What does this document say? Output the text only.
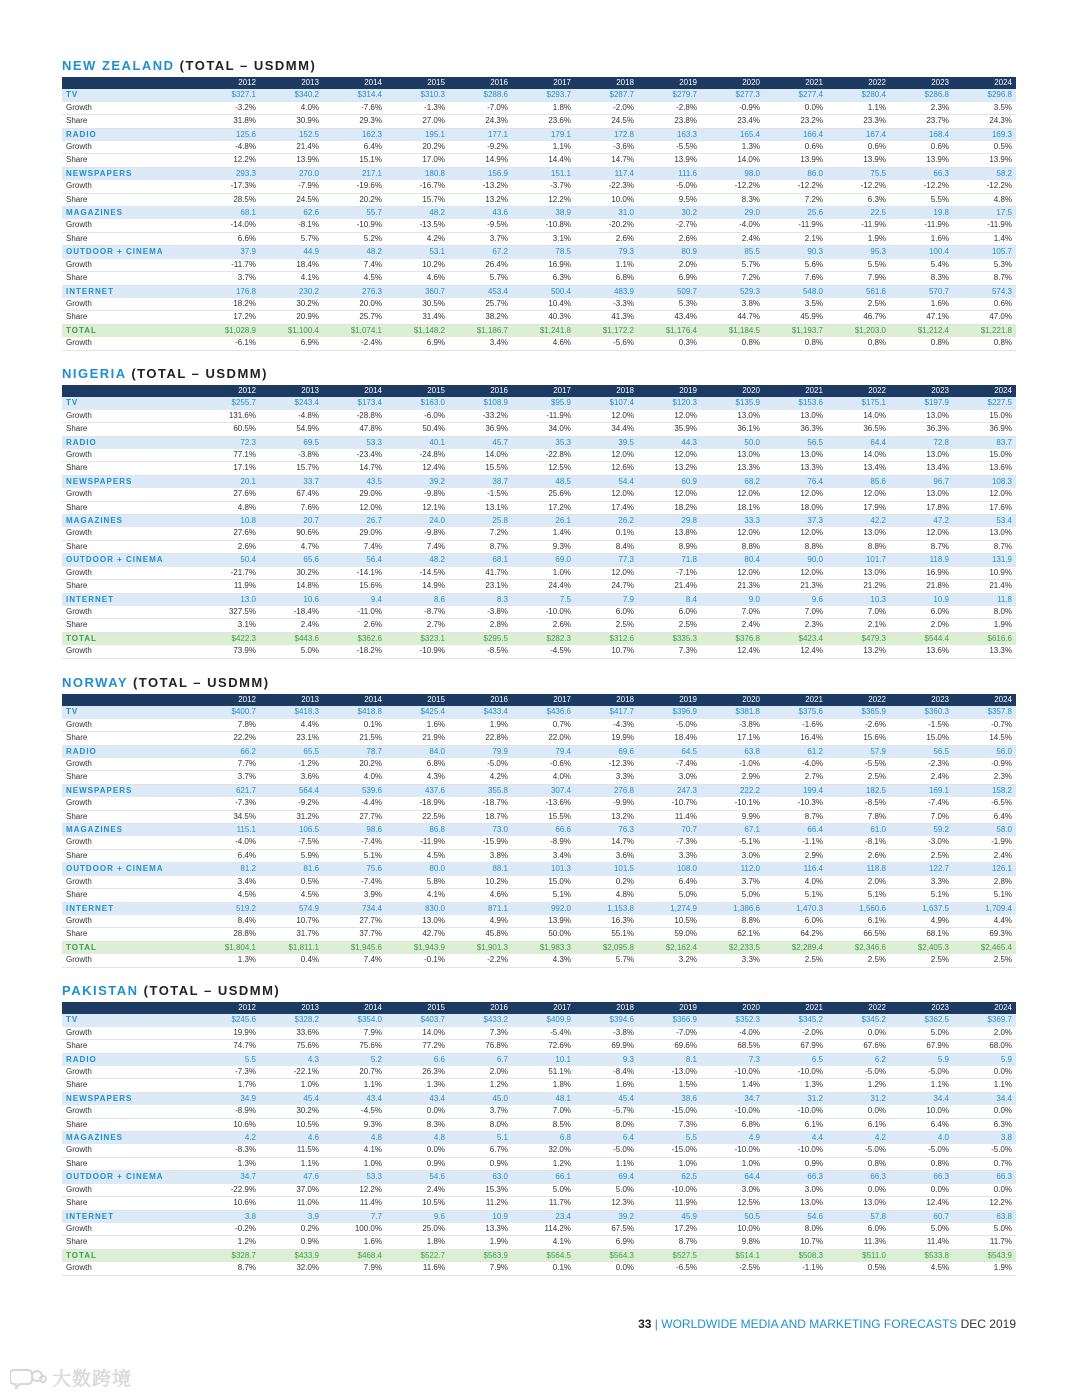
NEW ZEALAND (TOTAL – USDMM)
	2012	2013	2014	2015	2016	2017	2018	2019	2020	2021	2022	2023	2024
TV	$327.1	$340.2	$314.4	$310.3	$288.6	$293.7	$287.7	$279.7	$277.3	$277.4	$280.4	$286.8	$296.8
Growth	-3.2%	4.0%	-7.6%	-1.3%	-7.0%	1.8%	-2.0%	-2.8%	-0.9%	0.0%	1.1%	2.3%	3.5%
Share	31.8%	30.9%	29.3%	27.0%	24.3%	23.6%	24.5%	23.8%	23.4%	23.2%	23.3%	23.7%	24.3%
RADIO	125.6	152.5	162.3	195.1	177.1	179.1	172.8	163.3	165.4	166.4	167.4	168.4	169.3
Growth	-4.8%	21.4%	6.4%	20.2%	-9.2%	1.1%	-3.6%	-5.5%	1.3%	0.6%	0.6%	0.6%	0.5%
Share	12.2%	13.9%	15.1%	17.0%	14.9%	14.4%	14.7%	13.9%	14.0%	13.9%	13.9%	13.9%	13.9%
NEWSPAPERS	293.3	270.0	217.1	180.8	156.9	151.1	117.4	111.6	98.0	86.0	75.5	66.3	58.2
Growth	-17.3%	-7.9%	-19.6%	-16.7%	-13.2%	-3.7%	-22.3%	-5.0%	-12.2%	-12.2%	-12.2%	-12.2%	-12.2%
Share	28.5%	24.5%	20.2%	15.7%	13.2%	12.2%	10.0%	9.5%	8.3%	7.2%	6.3%	5.5%	4.8%
MAGAZINES	68.1	62.6	55.7	48.2	43.6	38.9	31.0	30.2	29.0	25.6	22.5	19.8	17.5
Growth	-14.0%	-8.1%	-10.9%	-13.5%	-9.5%	-10.8%	-20.2%	-2.7%	-4.0%	-11.9%	-11.9%	-11.9%	-11.9%
Share	6.6%	5.7%	5.2%	4.2%	3.7%	3.1%	2.6%	2.6%	2.4%	2.1%	1.9%	1.6%	1.4%
OUTDOOR + CINEMA	37.9	44.9	48.2	53.1	67.2	78.5	79.3	80.9	85.5	90.3	95.3	100.4	105.7
Growth	-11.7%	18.4%	7.4%	10.2%	26.4%	16.9%	1.1%	2.0%	5.7%	5.6%	5.5%	5.4%	5.3%
Share	3.7%	4.1%	4.5%	4.6%	5.7%	6.3%	6.8%	6.9%	7.2%	7.6%	7.9%	8.3%	8.7%
INTERNET	176.8	230.2	276.3	360.7	453.4	500.4	483.9	509.7	529.3	548.0	561.6	570.7	574.3
Growth	18.2%	30.2%	20.0%	30.5%	25.7%	10.4%	-3.3%	5.3%	3.8%	3.5%	2.5%	1.6%	0.6%
Share	17.2%	20.9%	25.7%	31.4%	38.2%	40.3%	41.3%	43.4%	44.7%	45.9%	46.7%	47.1%	47.0%
TOTAL	$1,028.9	$1,100.4	$1,074.1	$1,148.2	$1,186.7	$1,241.8	$1,172.2	$1,176.4	$1,184.5	$1,193.7	$1,203.0	$1,212.4	$1,221.8
Growth	-6.1%	6.9%	-2.4%	6.9%	3.4%	4.6%	-5.6%	0.3%	0.8%	0.8%	0.8%	0.8%	0.8%
NIGERIA (TOTAL – USDMM)
	2012	2013	2014	2015	2016	2017	2018	2019	2020	2021	2022	2023	2024
TV	$255.7	$243.4	$173.4	$163.0	$108.9	$95.9	$107.4	$120.3	$135.9	$153.6	$175.1	$197.9	$227.5
Growth	131.6%	-4.8%	-28.8%	-6.0%	-33.2%	-11.9%	12.0%	12.0%	13.0%	13.0%	14.0%	13.0%	15.0%
Share	60.5%	54.9%	47.8%	50.4%	36.9%	34.0%	34.4%	35.9%	36.1%	36.3%	36.5%	36.3%	36.9%
RADIO	72.3	69.5	53.3	40.1	45.7	35.3	39.5	44.3	50.0	56.5	64.4	72.8	83.7
Growth	77.1%	-3.8%	-23.4%	-24.8%	14.0%	-22.8%	12.0%	12.0%	13.0%	13.0%	14.0%	13.0%	15.0%
Share	17.1%	15.7%	14.7%	12.4%	15.5%	12.5%	12.6%	13.2%	13.3%	13.3%	13.4%	13.4%	13.6%
NEWSPAPERS	20.1	33.7	43.5	39.2	38.7	48.5	54.4	60.9	68.2	76.4	85.6	96.7	108.3
Growth	27.6%	67.4%	29.0%	-9.8%	-1.5%	25.6%	12.0%	12.0%	12.0%	12.0%	12.0%	13.0%	12.0%
Share	4.8%	7.6%	12.0%	12.1%	13.1%	17.2%	17.4%	18.2%	18.1%	18.0%	17.9%	17.8%	17.6%
MAGAZINES	10.8	20.7	26.7	24.0	25.8	26.1	26.2	29.8	33.3	37.3	42.2	47.2	53.4
Growth	27.6%	90.6%	29.0%	-9.8%	7.2%	1.4%	0.1%	13.8%	12.0%	12.0%	13.0%	12.0%	13.0%
Share	2.6%	4.7%	7.4%	7.4%	8.7%	9.3%	8.4%	8.9%	8.8%	8.8%	8.8%	8.7%	8.7%
OUTDOOR + CINEMA	50.4	65.6	56.4	48.2	68.1	69.0	77.3	71.8	80.4	90.0	101.7	118.9	131.9
Growth	-21.7%	30.2%	-14.1%	-14.5%	41.7%	1.0%	12.0%	-7.1%	12.0%	12.0%	13.0%	16.9%	10.9%
Share	11.9%	14.8%	15.6%	14.9%	23.1%	24.4%	24.7%	21.4%	21.3%	21.3%	21.2%	21.8%	21.4%
INTERNET	13.0	10.6	9.4	8.6	8.3	7.5	7.9	8.4	9.0	9.6	10.3	10.9	11.8
Growth	327.5%	-18.4%	-11.0%	-8.7%	-3.8%	-10.0%	6.0%	6.0%	7.0%	7.0%	7.0%	6.0%	8.0%
Share	3.1%	2.4%	2.6%	2.7%	2.8%	2.6%	2.5%	2.5%	2.4%	2.3%	2.1%	2.0%	1.9%
TOTAL	$422.3	$443.6	$362.6	$323.1	$295.5	$282.3	$312.6	$335.3	$376.8	$423.4	$479.3	$544.4	$616.6
Growth	73.9%	5.0%	-18.2%	-10.9%	-8.5%	-4.5%	10.7%	7.3%	12.4%	12.4%	13.2%	13.6%	13.3%
NORWAY (TOTAL – USDMM)
	2012	2013	2014	2015	2016	2017	2018	2019	2020	2021	2022	2023	2024
TV	$400.7	$418.3	$418.8	$425.4	$433.4	$436.6	$417.7	$396.9	$381.8	$375.6	$365.9	$360.3	$357.8
Growth	7.8%	4.4%	0.1%	1.6%	1.9%	0.7%	-4.3%	-5.0%	-3.8%	-1.6%	-2.6%	-1.5%	-0.7%
Share	22.2%	23.1%	21.5%	21.9%	22.8%	22.0%	19.9%	18.4%	17.1%	16.4%	15.6%	15.0%	14.5%
RADIO	66.2	65.5	78.7	84.0	79.9	79.4	69.6	64.5	63.8	61.2	57.9	56.5	56.0
Growth	7.7%	-1.2%	20.2%	6.8%	-5.0%	-0.6%	-12.3%	-7.4%	-1.0%	-4.0%	-5.5%	-2.3%	-0.9%
Share	3.7%	3.6%	4.0%	4.3%	4.2%	4.0%	3.3%	3.0%	2.9%	2.7%	2.5%	2.4%	2.3%
NEWSPAPERS	621.7	564.4	539.6	437.6	355.8	307.4	276.8	247.3	222.2	199.4	182.5	169.1	158.2
Growth	-7.3%	-9.2%	-4.4%	-18.9%	-18.7%	-13.6%	-9.9%	-10.7%	-10.1%	-10.3%	-8.5%	-7.4%	-6.5%
Share	34.5%	31.2%	27.7%	22.5%	18.7%	15.5%	13.2%	11.4%	9.9%	8.7%	7.8%	7.0%	6.4%
MAGAZINES	115.1	106.5	98.6	86.8	73.0	66.6	76.3	70.7	67.1	66.4	61.0	59.2	58.0
Growth	-4.0%	-7.5%	-7.4%	-11.9%	-15.9%	-8.9%	14.7%	-7.3%	-5.1%	-1.1%	-8.1%	-3.0%	-1.9%
Share	6.4%	5.9%	5.1%	4.5%	3.8%	3.4%	3.6%	3.3%	3.0%	2.9%	2.6%	2.5%	2.4%
OUTDOOR + CINEMA	81.2	81.6	75.6	80.0	88.1	101.3	101.5	108.0	112.0	116.4	118.8	122.7	126.1
Growth	3.4%	0.5%	-7.4%	5.8%	10.2%	15.0%	0.2%	6.4%	3.7%	4.0%	2.0%	3.3%	2.8%
Share	4.5%	4.5%	3.9%	4.1%	4.6%	5.1%	4.8%	5.0%	5.0%	5.1%	5.1%	5.1%	5.1%
INTERNET	519.2	574.9	734.4	830.0	871.1	992.0	1,153.8	1,274.9	1,386.6	1,470.3	1,560.6	1,637.5	1,709.4
Growth	8.4%	10.7%	27.7%	13.0%	4.9%	13.9%	16.3%	10.5%	8.8%	6.0%	6.1%	4.9%	4.4%
Share	28.8%	31.7%	37.7%	42.7%	45.8%	50.0%	55.1%	59.0%	62.1%	64.2%	66.5%	68.1%	69.3%
TOTAL	$1,804.1	$1,811.1	$1,945.6	$1,943.9	$1,901.3	$1,983.3	$2,095.8	$2,162.4	$2,233.5	$2,289.4	$2,346.6	$2,405.3	$2,465.4
Growth	1.3%	0.4%	7.4%	-0.1%	-2.2%	4.3%	5.7%	3.2%	3.3%	2.5%	2.5%	2.5%	2.5%
PAKISTAN (TOTAL – USDMM)
	2012	2013	2014	2015	2016	2017	2018	2019	2020	2021	2022	2023	2024
TV	$245.6	$328.2	$354.0	$403.7	$433.2	$409.9	$394.6	$366.9	$352.3	$345.2	$345.2	$362.5	$369.7
Growth	19.9%	33.6%	7.9%	14.0%	7.3%	-5.4%	-3.8%	-7.0%	-4.0%	-2.0%	0.0%	5.0%	2.0%
Share	74.7%	75.6%	75.6%	77.2%	76.8%	72.6%	69.9%	69.6%	68.5%	67.9%	67.6%	67.9%	68.0%
RADIO	5.5	4.3	5.2	6.6	6.7	10.1	9.3	8.1	7.3	6.5	6.2	5.9	5.9
Growth	-7.3%	-22.1%	20.7%	26.3%	2.0%	51.1%	-8.4%	-13.0%	-10.0%	-10.0%	-5.0%	-5.0%	0.0%
Share	1.7%	1.0%	1.1%	1.3%	1.2%	1.8%	1.6%	1.5%	1.4%	1.3%	1.2%	1.1%	1.1%
NEWSPAPERS	34.9	45.4	43.4	43.4	45.0	48.1	45.4	38.6	34.7	31.2	31.2	34.4	34.4
Growth	-8.9%	30.2%	-4.5%	0.0%	3.7%	7.0%	-5.7%	-15.0%	-10.0%	-10.0%	0.0%	10.0%	0.0%
Share	10.6%	10.5%	9.3%	8.3%	8.0%	8.5%	8.0%	7.3%	6.8%	6.1%	6.1%	6.4%	6.3%
MAGAZINES	4.2	4.6	4.8	4.8	5.1	6.8	6.4	5.5	4.9	4.4	4.2	4.0	3.8
Growth	-8.3%	11.5%	4.1%	0.0%	6.7%	32.0%	-5.0%	-15.0%	-10.0%	-10.0%	-5.0%	-5.0%	-5.0%
Share	1.3%	1.1%	1.0%	0.9%	0.9%	1.2%	1.1%	1.0%	1.0%	0.9%	0.8%	0.8%	0.7%
OUTDOOR + CINEMA	34.7	47.6	53.3	54.6	63.0	66.1	69.4	62.5	64.4	66.3	66.3	66.3	66.3
Growth	-22.9%	37.0%	12.2%	2.4%	15.3%	5.0%	5.0%	-10.0%	3.0%	3.0%	0.0%	0.0%	0.0%
Share	10.6%	11.0%	11.4%	10.5%	11.2%	11.7%	12.3%	11.9%	12.5%	13.0%	13.0%	12.4%	12.2%
INTERNET	3.8	3.9	7.7	9.6	10.9	23.4	39.2	45.9	50.5	54.6	57.8	60.7	63.8
Growth	-0.2%	0.2%	100.0%	25.0%	13.3%	114.2%	67.5%	17.2%	10.0%	8.0%	6.0%	5.0%	5.0%
Share	1.2%	0.9%	1.6%	1.8%	1.9%	4.1%	6.9%	8.7%	9.8%	10.7%	11.3%	11.4%	11.7%
TOTAL	$328.7	$433.9	$468.4	$522.7	$563.9	$564.5	$564.3	$527.5	$514.1	$508.3	$511.0	$533.8	$543.9
Growth	8.7%	32.0%	7.9%	11.6%	7.9%	0.1%	0.0%	-6.5%	-2.5%	-1.1%	0.5%	4.5%	1.9%
33 | WORLDWIDE MEDIA AND MARKETING FORECASTS DEC 2019
大数跨境
